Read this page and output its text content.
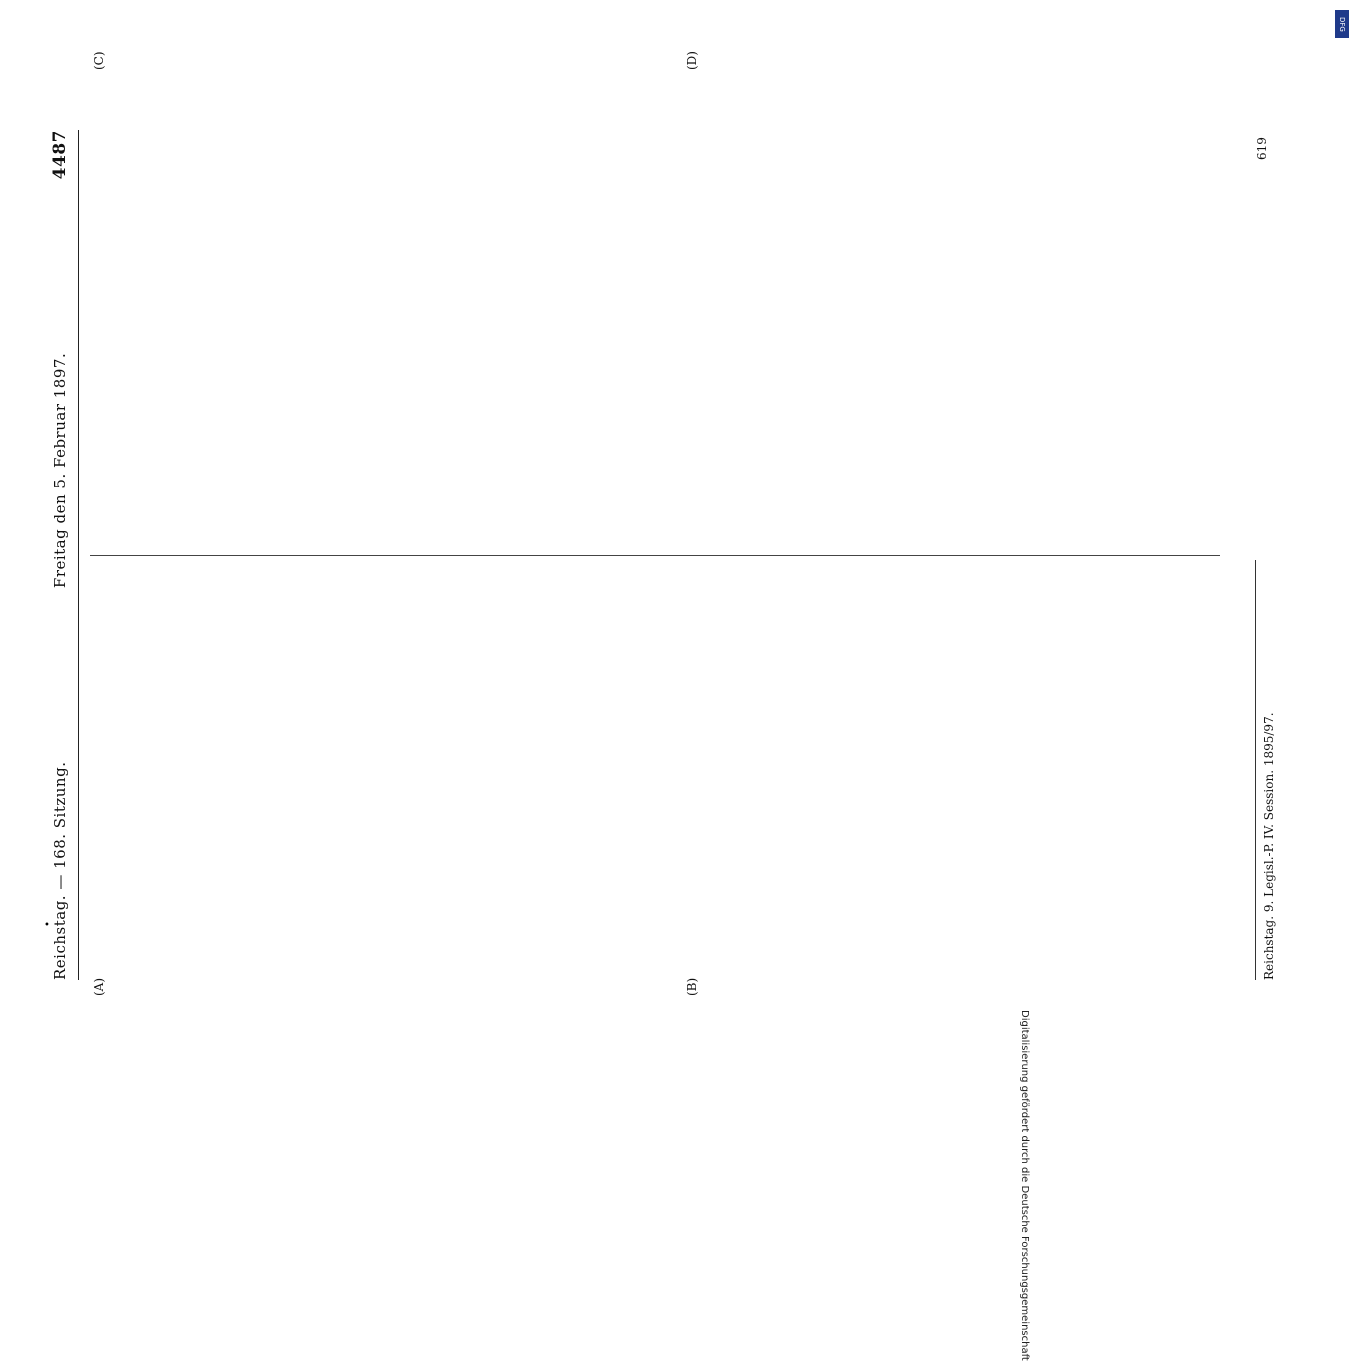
• Reichstag. — 168. Sitzung.
Freitag den 5. Februar 1897.
4487
(A)	(B)
(C)	(D)
Reichstag. 9. Legisl.-P. IV. Session. 1895/97.
619
Digitalisierung gefördert durch die Deutsche Forschungsgemeinschaft
DFG
